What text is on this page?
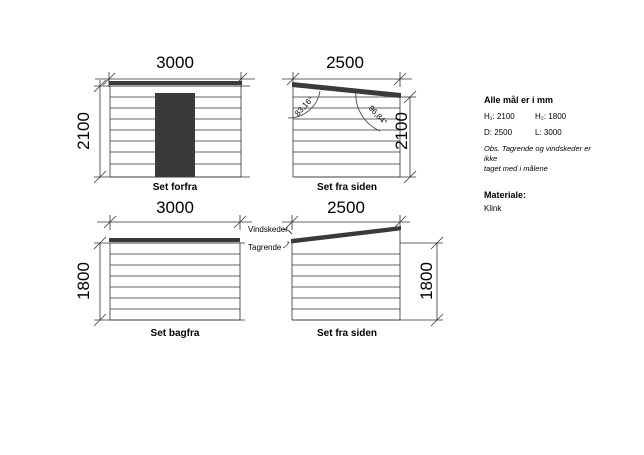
3000
2100
2500
2100
3000
1800
2500
1800
83,16°	96,84°
Vindskeder
Tagrende
Set forfra	Set fra siden
Set bagfra	Set fra siden
Alle mål er i mm
H₁: 2100	H₂: 1800
D: 2500	L: 3000
Obs. Tagrende og vindskeder er ikke
taget med i målene
Materiale:
Klink
